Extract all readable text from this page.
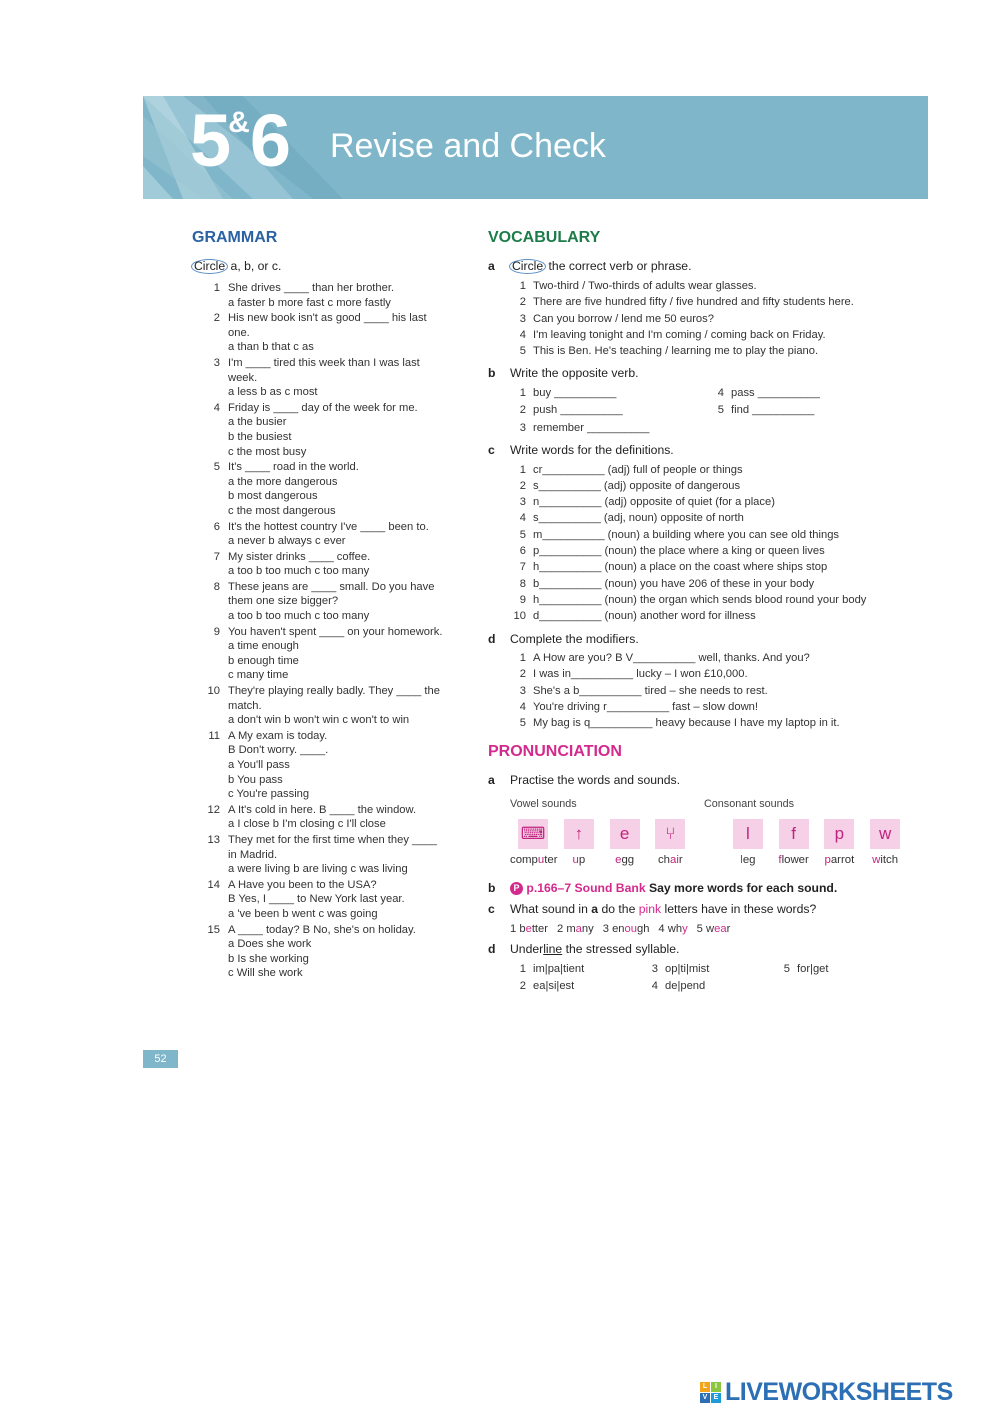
5&6 Revise and Check
GRAMMAR
Circle a, b, or c.
1 She drives ____ than her brother.
a faster b more fast c more fastly
2 His new book isn't as good ____ his last
one.
a than b that c as
3 I'm ____ tired this week than I was last
week.
a less b as c most
4 Friday is ____ day of the week for me.
a the busier
b the busiest
c the most busy
5 It's ____ road in the world.
a the more dangerous
b most dangerous
c the most dangerous
6 It's the hottest country I've ____ been to.
a never b always c ever
7 My sister drinks ____ coffee.
a too b too much c too many
8 These jeans are ____ small. Do you have
them one size bigger?
a too b too much c too many
9 You haven't spent ____ on your homework.
a time enough
b enough time
c many time
10 They're playing really badly. They ____ the
match.
a don't win b won't win c won't to win
11 A My exam is today.
B Don't worry. ____.
a You'll pass
b You pass
c You're passing
12 A It's cold in here. B ____ the window.
a I close b I'm closing c I'll close
13 They met for the first time when they ____
in Madrid.
a were living b are living c was living
14 A Have you been to the USA?
B Yes, I ____ to New York last year.
a 've been b went c was going
15 A ____ today? B No, she's on holiday.
a Does she work
b Is she working
c Will she work
VOCABULARY
a	Circle the correct verb or phrase.
1 Two-third / Two-thirds of adults wear glasses.
2 There are five hundred fifty / five hundred and fifty students here.
3 Can you borrow / lend me 50 euros?
4 I'm leaving tonight and I'm coming / coming back on Friday.
5 This is Ben. He's teaching / learning me to play the piano.
b	Write the opposite verb.
1 buy __________	4 pass __________
2 push __________	5 find __________
3 remember __________
c	Write words for the definitions.
1 cr__________ (adj) full of people or things
2 s__________ (adj) opposite of dangerous
3 n__________ (adj) opposite of quiet (for a place)
4 s__________ (adj, noun) opposite of north
5 m__________ (noun) a building where you can see old things
6 p__________ (noun) the place where a king or queen lives
7 h__________ (noun) a place on the coast where ships stop
8 b__________ (noun) you have 206 of these in your body
9 h__________ (noun) the organ which sends blood round your body
10 d__________ (noun) another word for illness
d	Complete the modifiers.
1 A How are you? B V__________ well, thanks. And you?
2 I was in__________ lucky – I won £10,000.
3 She's a b__________ tired – she needs to rest.
4 You're driving r__________ fast – slow down!
5 My bag is q__________ heavy because I have my laptop in it.
PRONUNCIATION
a	Practise the words and sounds.
Vowel sounds	Consonant sounds
⌨
computer
↑
up
e
egg
⑂
chair
l
leg
f
flower
p
parrot
w
witch
b	P p.166–7 Sound Bank Say more words for each sound.
c	What sound in a do the pink letters have in these words?
1 better 2 many 3 enough 4 why 5 wear
d	Underline the stressed syllable.
1 im|pa|tient	3 op|ti|mist	5 for|get
2 ea|si|est	4 de|pend
52
L	I
V E LIVEWORKSHEETS
